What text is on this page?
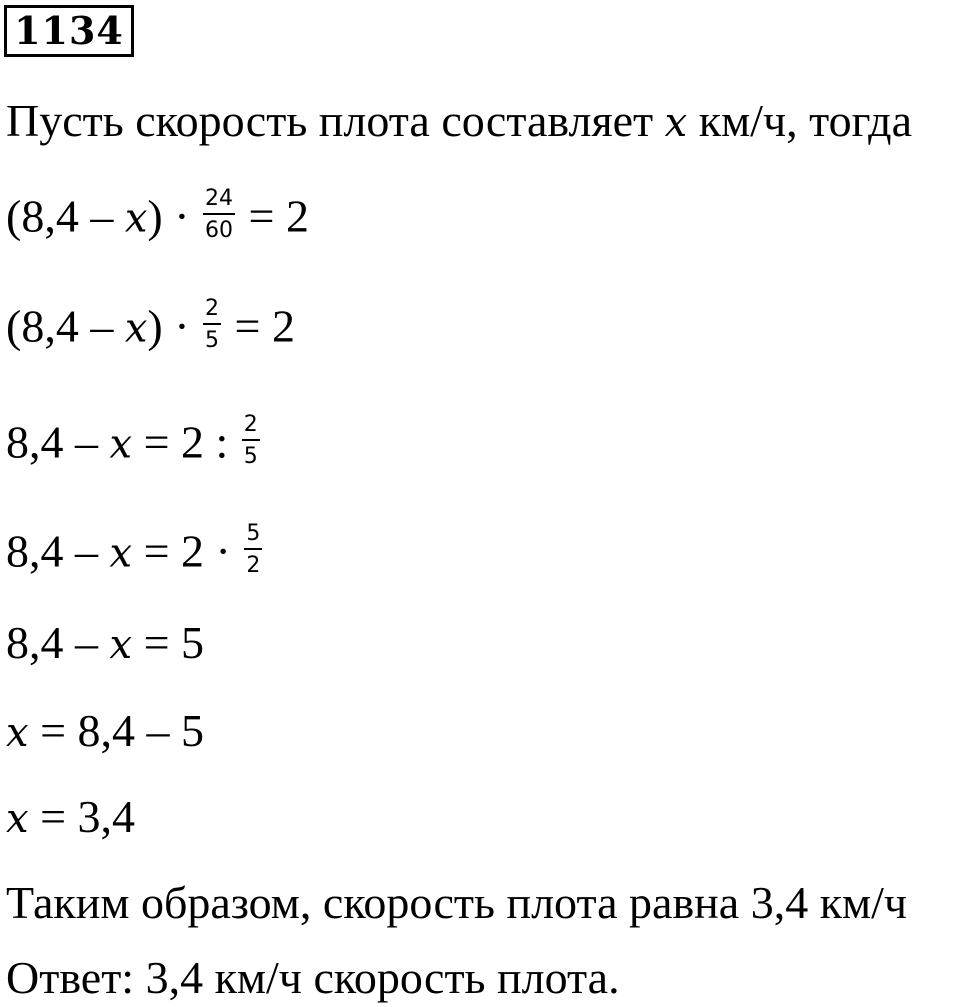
1134
Пусть скорость плота составляет x км/ч, тогда
$(8,4 - x) \cdot \frac{24}{60} = 2$
$(8,4 - x) \cdot \frac{2}{5} = 2$
8,4 – x = 2 : $\frac{2}{5}$
$8,4 - x = 2 \cdot \frac{5}{2}$
8,4 – x = 5
x = 8,4 – 5
x = 3,4
Таким образом, скорость плота равна 3,4 км/ч
Ответ: 3,4 км/ч скорость плота.
